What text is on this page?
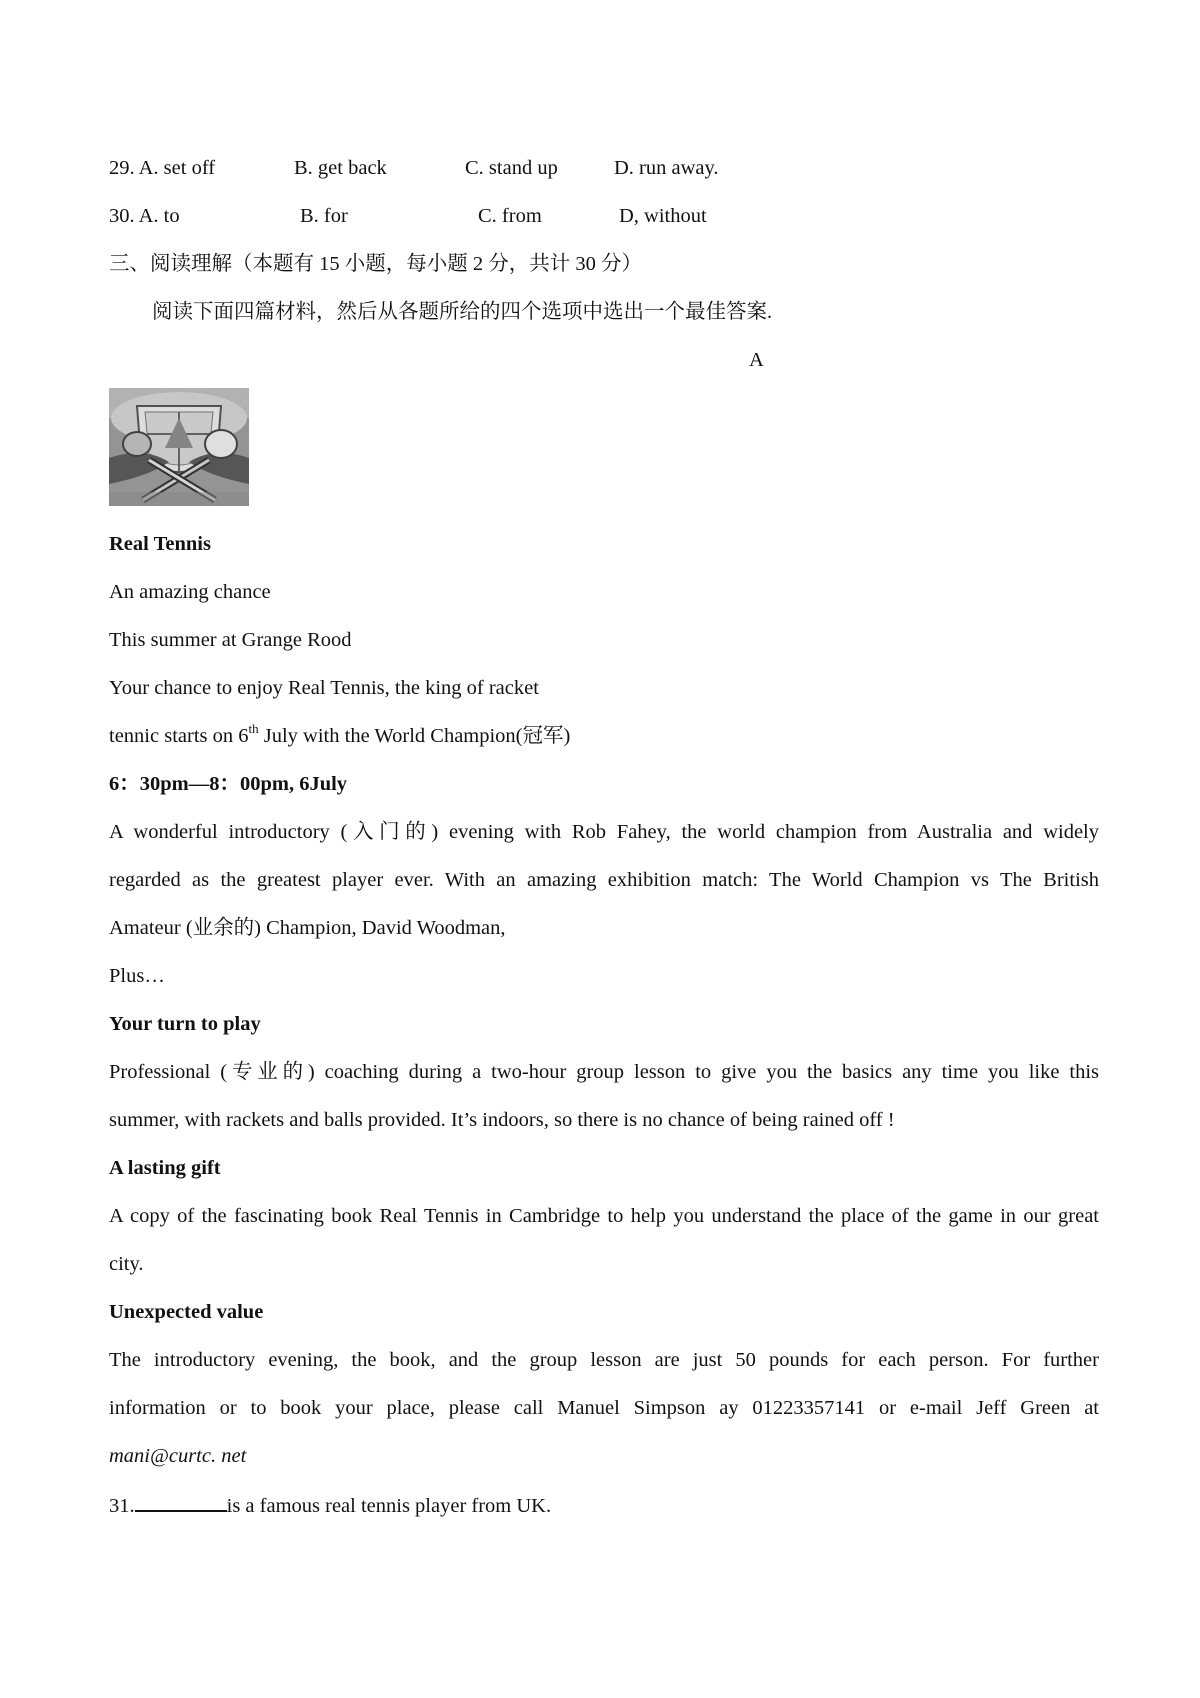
29. A. set off	B. get back	C. stand up	D. run away.
30. A. to	B. for	C. from	D, without
三、阅读理解（本题有 15 小题，每小题 2 分，共计 30 分）
阅读下面四篇材料，然后从各题所给的四个选项中选出一个最佳答案.
A
Real Tennis
An amazing chance
This summer at Grange Rood
Your chance to enjoy Real Tennis, the king of racket
tennic starts on 6th July with the World Champion(冠军)
6：30pm—8：00pm, 6July
A wonderful introductory (入门的) evening with Rob Fahey, the world champion from Australia and widely
regarded as the greatest player ever. With an amazing exhibition match: The World Champion vs The British
Amateur (业余的) Champion, David Woodman,
Plus…
Your turn to play
Professional (专业的) coaching during a two-hour group lesson to give you the basics any time you like this
summer, with rackets and balls provided. It’s indoors, so there is no chance of being rained off !
A lasting gift
A copy of the fascinating book Real Tennis in Cambridge to help you understand the place of the game in our great
city.
Unexpected value
The introductory evening, the book, and the group lesson are just 50 pounds for each person. For further
information or to book your place, please call Manuel Simpson ay 01223357141 or e-mail Jeff Green at
mani@curtc. net
31.	is a famous real tennis player from UK.
